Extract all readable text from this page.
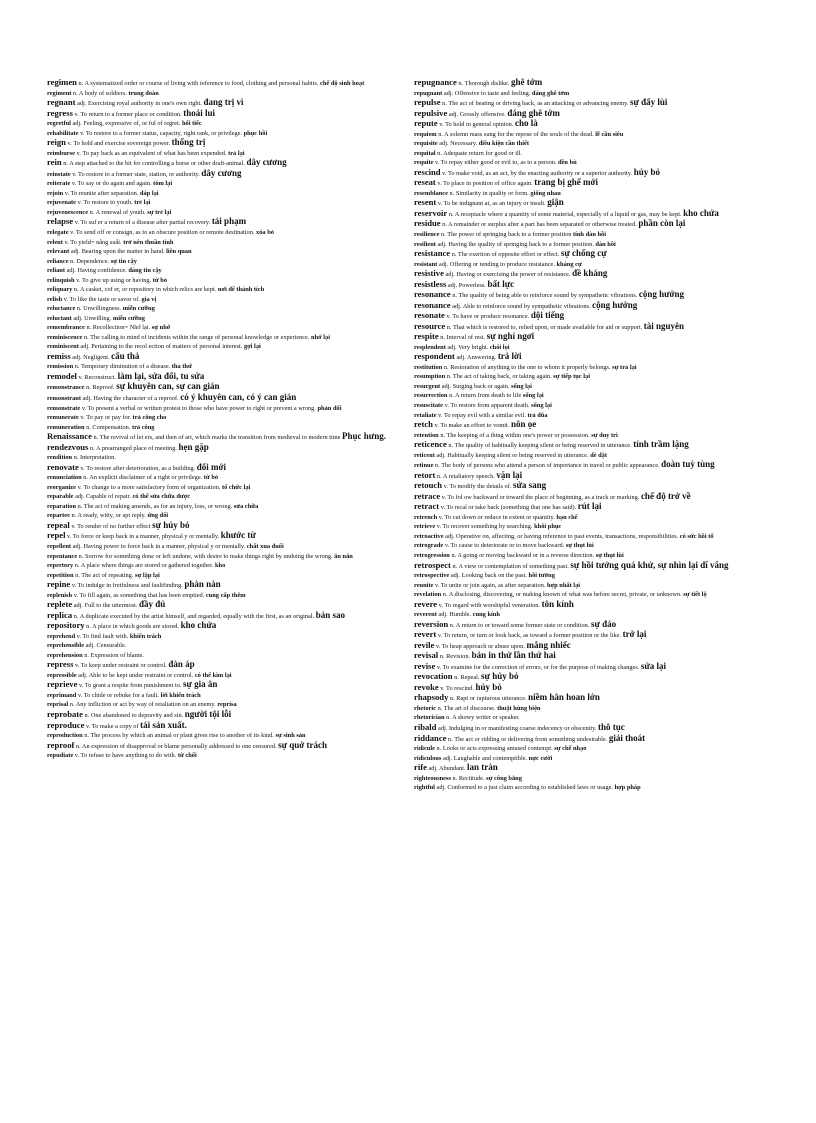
regimen n. A systematized order or course of living with reference to food, clothing and personal habits. chế độ sinh hoạt

regiment n. A body of soldiers. trung đoàn

regnant adj. Exercising royal authority in one's own right. đang trị vì

regress v. To return to a former place or condition. thoái lui

regretful adj. Feeling, expressive of, or ful of regret. hối tiếc

rehabilitate v. To restore to a former status, capacity, right rank, or privilege. phục hồi

reign v. To hold and exercise sovereign power. thống trị

reimburse v. To pay back as an equivalent of what has been expended. trả lại

rein n. A step attached to the bit for controlling a horse or other draft-animal. dây cương

reinstate v. To restore to a former state, station, or authority. dây cương

reiterate v. To say or do again and again. tóm lại

rejoin v. To reunite after separation. đáp lại

rejuvenate v. To restore to youth. trẻ lại

rejuvenescence n. A renewal of youth. sự trẻ lại

relapse v. To suf er a return of a disease after partial recovery. tái phạm

relegate v. To send off or consign, as to an obscure position or remote destination. xóa bỏ

relent v. To yield= nâng suất. trở nên thuần tính

relevant adj. Bearing upon the matter in hand. liên quan

reliance n. Dependence. sự tin cậy

reliant adj. Having confidence. đáng tin cậy

relinquish v. To give up using or having. từ bỏ

reliquary n. A casket, cof er, or repository in which relics are kept. nơi để thánh tích

relish v. To like the taste or savor of. gia vị

reluctance n. Unwillingness. miễn cưỡng

reluctant adj. Unwilling. miễn cưỡng

remembrance n. Recollection= Nhớ lại. sự nhớ

reminiscence n. The calling to mind of incidents within the range of personal knowledge or experience. nhớ lại

reminiscent adj. Pertaining to the recol ection of matters of personal interest. gợi lại

remiss adj. Negligent. cẩu thả

remission n. Temporary diminution of a disease. tha thứ

remodel v. Reconstruct. làm lại, sửa đổi, tu sửa

remonstrance n. Reproof. sự khuyên can, sự can gián

remonstrant adj. Having the character of a reproof. có ý khuyên can, có ý can gián

remonstrate v. To present a verbal or written protest to those who have power to right or prevent a wrong. phản đối

remunerate v. To pay or pay for. trả công cho

remuneration n. Compensation. trả công

Renaissance n. The revival of let ers, and then of art, which marks the transition from medieval to modern time Phục hưng.

rendezvous n. A prearranged place of meeting. hẹn gặp

rendition n. Interpretation.

renovate v. To restore after deterioration, as a building. đổi mới

renunciation n. An explicit disclaimer of a right or privilege. từ bỏ

reorganize v. To change to a more satisfactory form of organization. tổ chức lại

reparable adj. Capable of repair. có thể sửa chữa được

reparation n. The act of making amends, as for an injury, loss, or wrong. sửa chữa

repartee n. A ready, witty, or apt reply. ứng đối

repeal v. To render of no further effect sự hủy bỏ

repel v. To force or keep back in a manner, physical y or mentally. khước từ

repellent adj. Having power to force back in a manner, physical y or mentally. chất xua đuổi

repentance n. Sorrow for something done or left undone, with desire to make things right by undoing the wrong. ăn năn

repertory n. A place where things are stored or gathered together. kho

repetition n. The act of repeating. sự lặp lại

repine v. To indulge in fretfulness and faultfinding. phàn nàn

replenish v. To fill again, as something that has been emptied. cung cấp thêm

replete adj. Full to the uttermost. đầy đủ

replica n. A duplicate executed by the artist himself, and regarded, equally with the first, as an original. bản sao

repository n. A place in which goods are stored. kho chứa

reprehend v. To find fault with. khiển trách

reprehensible adj. Censurable.

reprehension n. Expression of blame.

repress v. To keep under restraint or control. đàn áp

repressible adj. Able to be kept under restraint or control. có thể kìm lại

reprieve v. To grant a respite from punishment to. sự gia ân

reprimand v. To chide or rebuke for a fault. lời khiển trách

reprisal n. Any infliction or act by way of retaliation on an enemy. reprisa

reprobate n. One abandoned to depravity and sin. người tội lỗi

reproduce v. To make a copy of tái sản xuất.

reproduction n. The process by which an animal or plant gives rise to another of its kind. sự sinh sản

reproof n. An expression of disapproval or blame personally addressed to one censured. sự quở trách

repudiate v. To refuse to have anything to do with. từ chối

repugnance n. Thorough dislike. ghê tởm

repugnant adj. Offensive to taste and feeling. đáng ghê tởm

repulse n. The act of beating or driving back, as an attacking or advancing enemy. sự đẩy lùi

repulsive adj. Grossly offensive. đáng ghê tởm

repute v. To hold in general opinion. cho là

requiem n. A solemn mass sung for the repose of the souls of the dead. lễ cầu siêu

requisite adj. Necessary. điều kiện cần thiết

requital n. Adequate return for good or ill.

requite v. To repay either good or evil to, as to a person. đền bù

rescind v. To make void, as an act, by the enacting authority or a superior authority. hủy bỏ

reseat v. To place in position of office again. trang bị ghế mới

resemblance n. Similarity in quality or form. giống nhau

resent v. To be indignant at, as an injury or insult. giận

reservoir n. A receptacle where a quantity of some material, especially of a liquid or gas, may be kept. kho chứa

residue n. A remainder or surplus after a part has been separated or otherwise treated. phần còn lại

resilience n. The power of springing back to a former position tính đàn hồi

resilient adj. Having the quality of springing back to a former position. đàn hồi

resistance n. The exertion of opposite effort or effect. sự chống cự

resistant adj. Offering or tending to produce resistance. kháng cự

resistive adj. Having or exercising the power of resistance. đề kháng

resistless adj. Powerless. bất lực

resonance n. The quality of being able to reinforce sound by sympathetic vibrations. cộng hưởng

resonance adj. Able to reinforce sound by sympathetic vibrations. cộng hưởng

resonate v. To have or produce resonance. dội tiếng

resource n. That which is restored to, relied upon, or made available for aid or support. tài nguyên

respite n. Interval of rest. sự nghỉ ngơi

resplendent adj. Very bright. chói lọi

respondent adj. Answering. trả lời

restitution n. Restoration of anything to the one to whom it properly belongs. sự trả lại

resumption n. The act of taking back, or taking again. sự tiếp tục lại

resurgent adj. Surging back or again. sống lại

resurrection n. A return from death to life sống lại

resuscitate v. To restore from apparent death. sống lại

retaliate v. To repay evil with a similar evil. trả đũa

retch v. To make an effort to vomit. nôn ọe

retention n. The keeping of a thing within one's power or possession. sự duy trì

reticence n. The quality of habitually keeping silent or being reserved in utterance. tính trầm lặng

reticent adj. Habitually keeping silent or being reserved in utterance. dè dặt

retinue n. The body of persons who attend a person of importance in travel or public appearance. đoàn tuỳ tùng

retort n. A retaliatory speech. vặn lại

retouch v. To modify the details of. sửa sang

retrace v. To fol ow backward or toward the place of beginning, as a track or marking. chế độ trở về

retract v. To recal or take back (something that one has said). rút lại

retrench v. To cut down or reduce in extent or quantity. hạn chế

retrieve v. To recover something by searching. khôi phục

retroactive adj. Operative on, affecting, or having reference to past events, transactions, responsibilities. có sức hồi tố

retrograde v. To cause to deteriorate or to move backward. sự thụt lùi

retrogression n. A going or moving backward or in a reverse direction. sự thụt lùi

retrospect n. A view or contemplation of something past. sự hồi tưởng quá khứ, sự nhìn lại dĩ vãng

retrospective adj. Looking back on the past. hồi tưởng

reunite v. To unite or join again, as after separation. hợp nhất lại

revelation n. A disclosing, discovering, or making known of what was before secret, private, or unknown. sự tiết lộ

revere v. To regard with worshipful veneration. tôn kính

reverent adj. Humble. cung kính

reversion n. A return to or toward some former state or condition. sự đảo

revert v. To return, or turn or look back, as toward a former position or the like. trở lại

revile v. To heap approach or abuse upon. mắng nhiếc

revisal n. Revision. bản in thử lần thứ hai

revise v. To examine for the correction of errors, or for the purpose of making changes. sửa lại

revocation n. Repeal. sự hủy bỏ

revoke v. To rescind. hủy bỏ

rhapsody n. Rapt or rapturous utterance. niềm hân hoan lớn

rhetoric n. The art of discourse. thuật hùng biện

rhetorician n. A showy writer or speaker.

ribald adj. Indulging in or manifesting coarse indecency or obscenity. thô tục

riddance n. The act or ridding or delivering from something undesirable. giải thoát

ridicule n. Looks or acts expressing amused contempt. sự chế nhạo

ridiculous adj. Laughable and contemptible. nực cười

rife adj. Abundant. lan tràn

righteousness n. Rectitude. sự công bằng

rightful adj. Conformed to a just claim according to established laws or usage. hợp pháp
